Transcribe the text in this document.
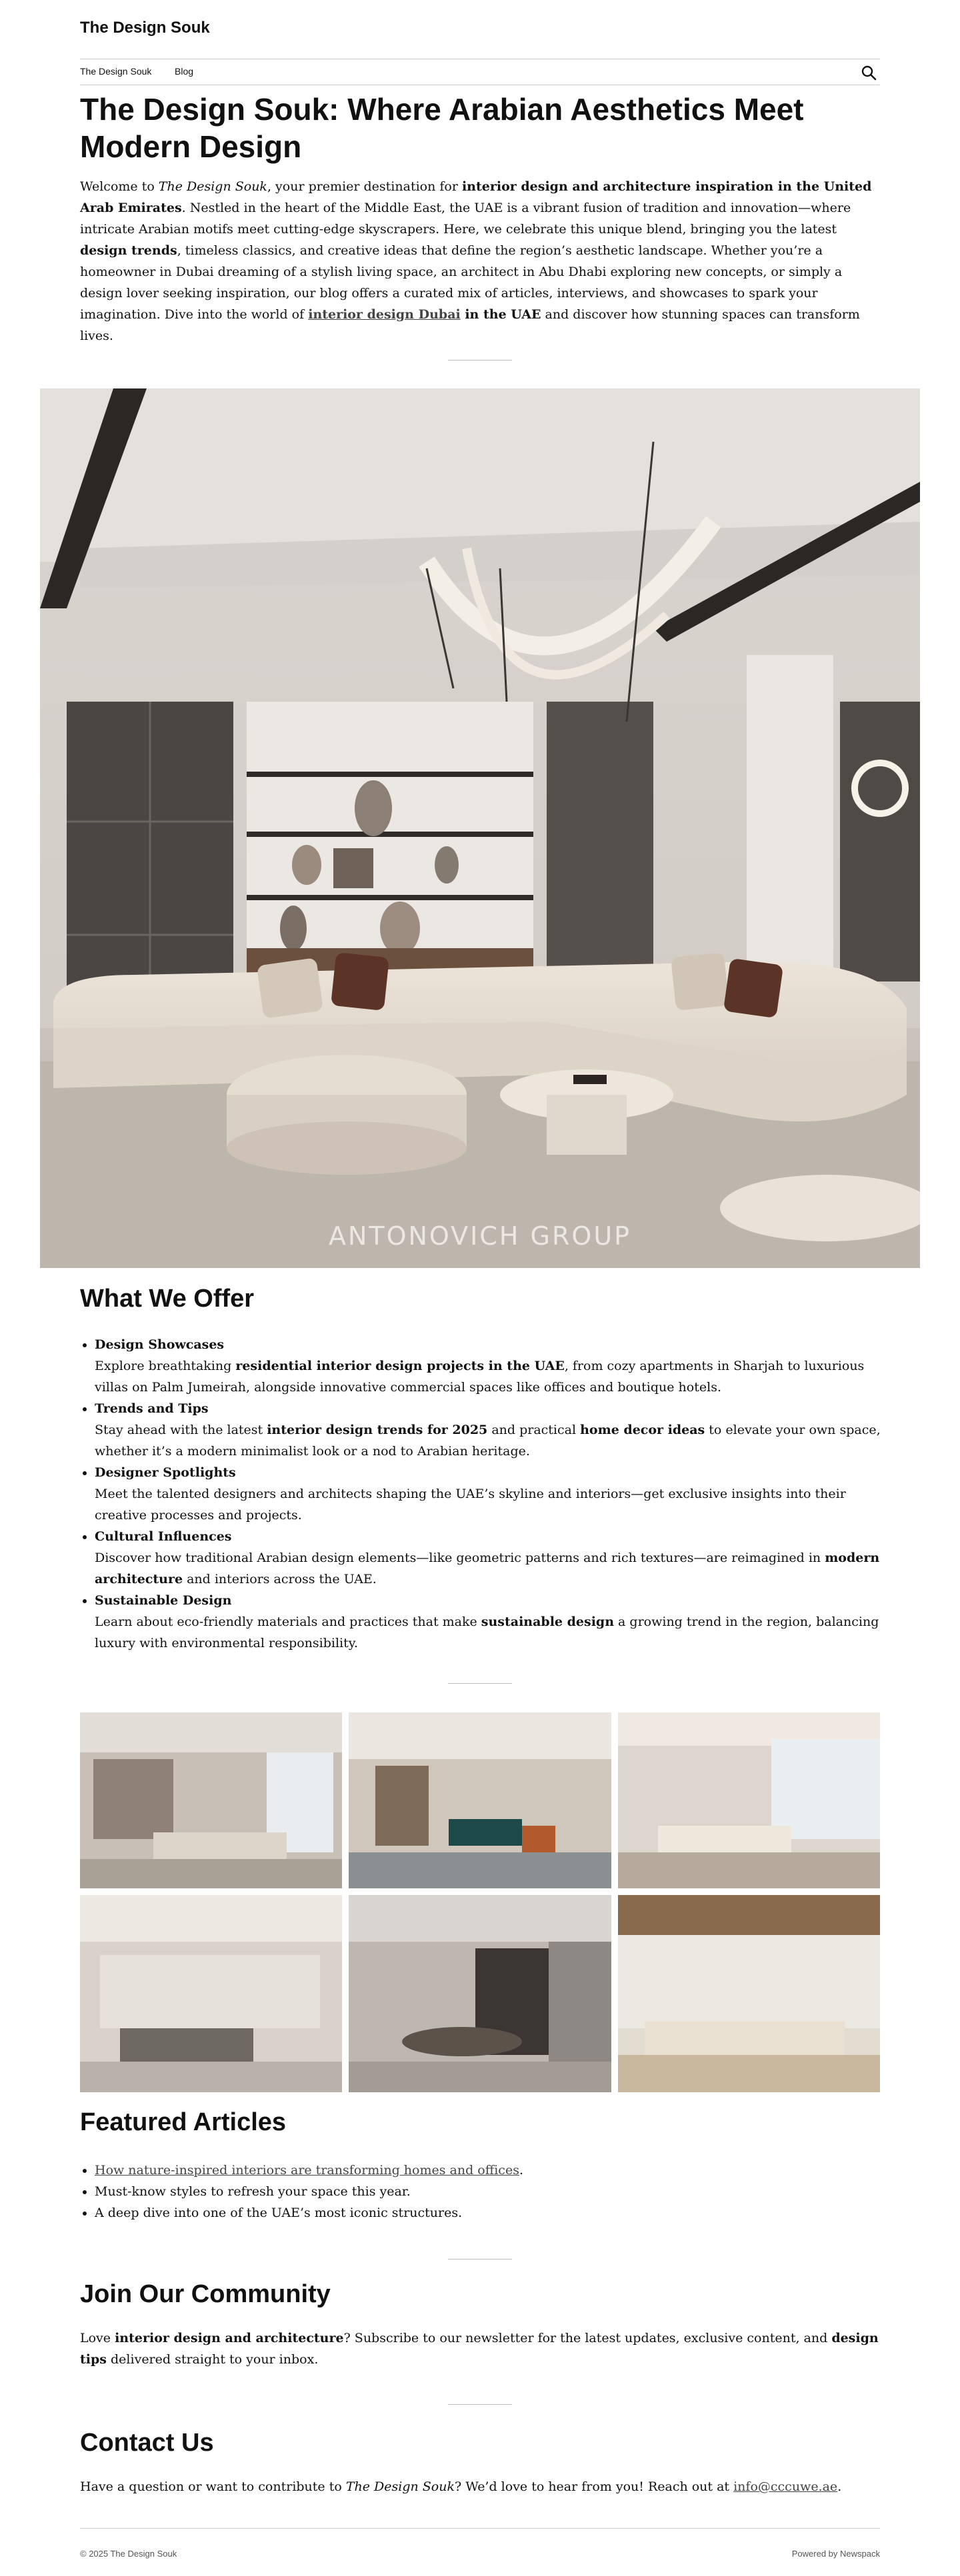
The Design Souk
The Design Souk Blog
The Design Souk: Where Arabian Aesthetics Meet Modern Design

Welcome to The Design Souk, your premier destination for interior design and architecture inspiration in the United Arab Emirates. Nestled in the heart of the Middle East, the UAE is a vibrant fusion of tradition and innovation—where intricate Arabian motifs meet cutting-edge skyscrapers. Here, we celebrate this unique blend, bringing you the latest design trends, timeless classics, and creative ideas that define the region’s aesthetic landscape. Whether you’re a homeowner in Dubai dreaming of a stylish living space, an architect in Abu Dhabi exploring new concepts, or simply a design lover seeking inspiration, our blog offers a curated mix of articles, interviews, and showcases to spark your imagination. Dive into the world of interior design Dubai in the UAE and discover how stunning spaces can transform lives.

ANTONOVICH GROUP
What We Offer
• Design Showcases
Explore breathtaking residential interior design projects in the UAE, from cozy apartments in Sharjah to luxurious villas on Palm Jumeirah, alongside innovative commercial spaces like offices and boutique hotels.
• Trends and Tips
Stay ahead with the latest interior design trends for 2025 and practical home decor ideas to elevate your own space, whether it’s a modern minimalist look or a nod to Arabian heritage.
• Designer Spotlights
Meet the talented designers and architects shaping the UAE’s skyline and interiors—get exclusive insights into their creative processes and projects.
• Cultural Influences
Discover how traditional Arabian design elements—like geometric patterns and rich textures—are reimagined in modern architecture and interiors across the UAE.
• Sustainable Design
Learn about eco-friendly materials and practices that make sustainable design a growing trend in the region, balancing luxury with environmental responsibility.
Featured Articles
• How nature-inspired interiors are transforming homes and offices.
• Must-know styles to refresh your space this year.
• A deep dive into one of the UAE’s most iconic structures.
Join Our Community

Love interior design and architecture? Subscribe to our newsletter for the latest updates, exclusive content, and design tips delivered straight to your inbox.

Contact Us

Have a question or want to contribute to The Design Souk? We’d love to hear from you! Reach out at info@cccuwe.ae.

© 2025 The Design Souk	Powered by Newspack
